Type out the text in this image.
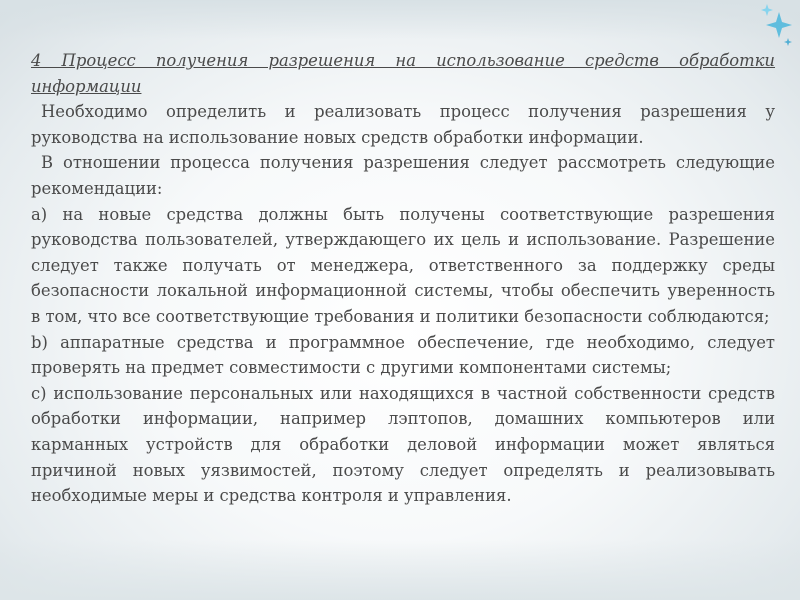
4 Процесс получения разрешения на использование средств обработки информации

Необходимо определить и реализовать процесс получения разрешения у руководства на использование новых средств обработки информации.

В отношении процесса получения разрешения следует рассмотреть следующие рекомендации:

а) на новые средства должны быть получены соответствующие разрешения руководства пользователей, утверждающего их цель и использование. Разрешение следует также получать от менеджера, ответственного за поддержку среды безопасности локальной информационной системы, чтобы обеспечить уверенность в том, что все соответствующие требования и политики безопасности соблюдаются;

b) аппаратные средства и программное обеспечение, где необходимо, следует проверять на предмет совместимости с другими компонентами системы;

с) использование персональных или находящихся в частной собственности средств обработки информации, например лэптопов, домашних компьютеров или карманных устройств для обработки деловой информации может являться причиной новых уязвимостей, поэтому следует определять и реализовывать необходимые меры и средства контроля и управления.
